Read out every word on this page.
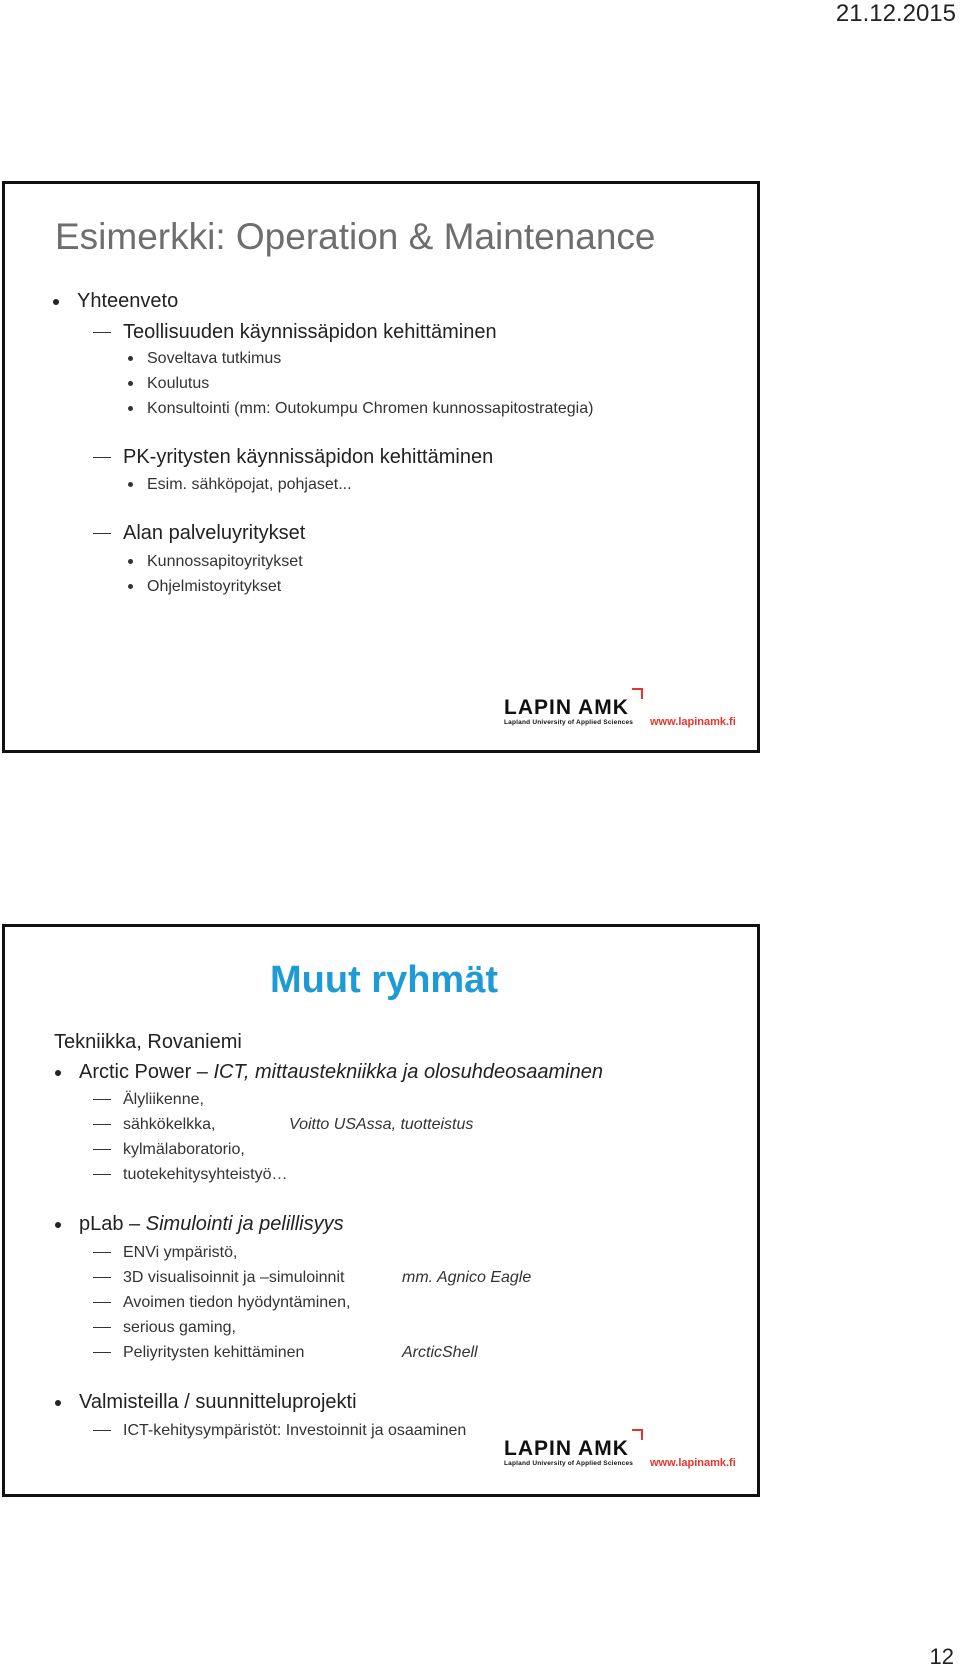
21.12.2015
Esimerkki: Operation & Maintenance
Yhteenveto
Teollisuuden käynnissäpidon kehittäminen
Soveltava tutkimus
Koulutus
Konsultointi (mm: Outokumpu Chromen kunnossapitostrategia)
PK-yritysten käynnissäpidon kehittäminen
Esim. sähköpojat, pohjaset...
Alan palveluyritykset
Kunnossapitoyritykset
Ohjelmistoyritykset
LAPIN AMK
Lapland University of Applied Sciences www.lapinamk.fi
Muut ryhmät
Tekniikka, Rovaniemi
Arctic Power – ICT, mittaustekniikka ja olosuhdeosaaminen
Älyliikenne,
sähkökelkka,	Voitto USAssa, tuotteistus
kylmälaboratorio,
tuotekehitysyhteistyö…
pLab – Simulointi ja pelillisyys
ENVi ympäristö,
3D visualisoinnit ja –simuloinnit	mm. Agnico Eagle
Avoimen tiedon hyödyntäminen,
serious gaming,
Peliyritysten kehittäminen	ArcticShell
Valmisteilla / suunnitteluprojekti
ICT-kehitysympäristöt: Investoinnit ja osaaminen
LAPIN AMK
Lapland University of Applied Sciences www.lapinamk.fi
12
